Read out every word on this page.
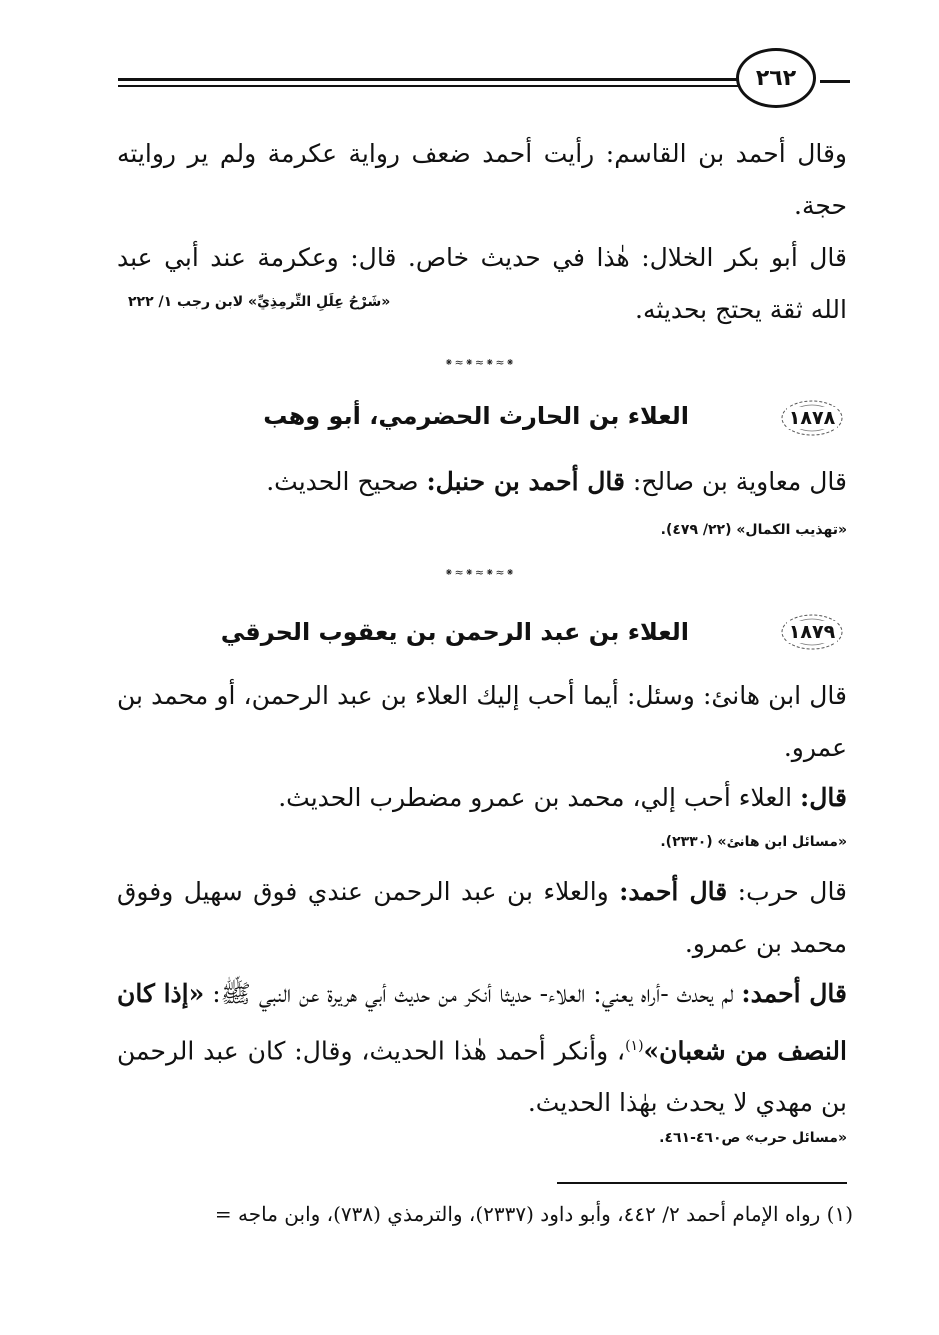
٢٦٢
وقال أحمد بن القاسم: رأيت أحمد ضعف رواية عكرمة ولم ير روايته حجة.
قال أبو بكر الخلال: هٰذا في حديث خاص. قال: وعكرمة عند أبي عبد الله ثقة يحتج بحديثه.
«شَرْحُ عِلَلِ التِّرمِذِيِّ» لابن رجب ١/ ٢٢٢
⁕≈⁕≈⁕≈⁕
١٨٧٨
العلاء بن الحارث الحضرمي، أبو وهب
قال معاوية بن صالح: قال أحمد بن حنبل: صحيح الحديث.
«تهذيب الكمال» (٢٢/ ٤٧٩).
⁕≈⁕≈⁕≈⁕
١٨٧٩
العلاء بن عبد الرحمن بن يعقوب الحرقي
قال ابن هانئ: وسئل: أيما أحب إليك العلاء بن عبد الرحمن، أو محمد بن عمرو.
قال: العلاء أحب إلي، محمد بن عمرو مضطرب الحديث.
«مسائل ابن هانئ» (٢٣٣٠).
قال حرب: قال أحمد: والعلاء بن عبد الرحمن عندي فوق سهيل وفوق محمد بن عمرو.
قال أحمد: لم يحدث -أراه يعني: العلاء- حديثا أنكر من حديث أبي هريرة عن النبي ﷺ: «إذا كان النصف من شعبان»$^{(١)}$، وأنكر أحمد هٰذا الحديث، وقال: كان عبد الرحمن بن مهدي لا يحدث بهٰذا الحديث.
«مسائل حرب» ص٤٦٠-٤٦١.
(١) رواه الإمام أحمد ٢/ ٤٤٢، وأبو داود (٢٣٣٧)، والترمذي (٧٣٨)، وابن ماجه =
